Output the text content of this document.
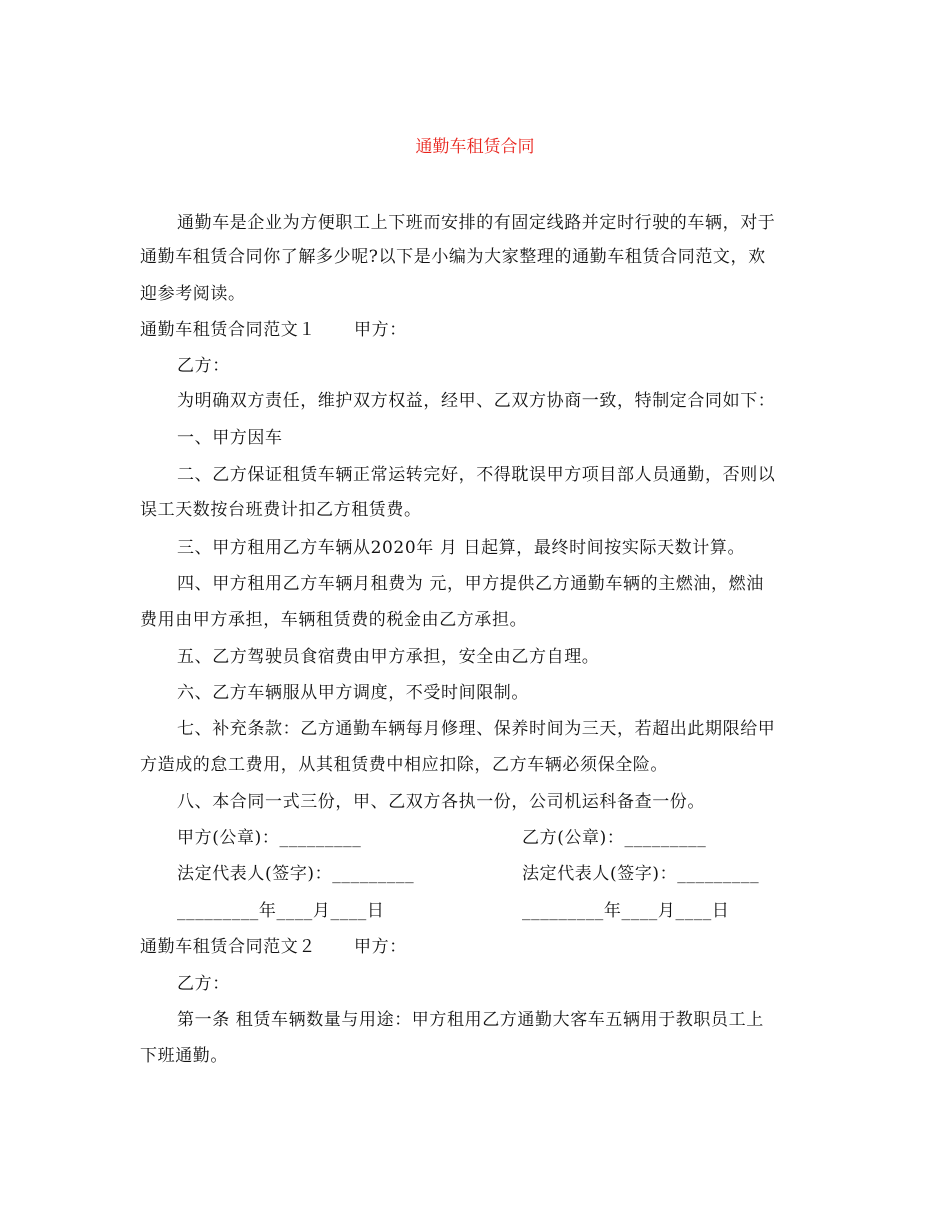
通勤车租赁合同
通勤车是企业为方便职工上下班而安排的有固定线路并定时行驶的车辆，对于
通勤车租赁合同你了解多少呢?以下是小编为大家整理的通勤车租赁合同范文，欢
迎参考阅读。
通勤车租赁合同范文１ 甲方：
乙方：
为明确双方责任，维护双方权益，经甲、乙双方协商一致，特制定合同如下：
一、甲方因车
二、乙方保证租赁车辆正常运转完好，不得耽误甲方项目部人员通勤，否则以
误工天数按台班费计扣乙方租赁费。
三、甲方租用乙方车辆从2020年 月 日起算，最终时间按实际天数计算。
四、甲方租用乙方车辆月租费为 元，甲方提供乙方通勤车辆的主燃油，燃油
费用由甲方承担，车辆租赁费的税金由乙方承担。
五、乙方驾驶员食宿费由甲方承担，安全由乙方自理。
六、乙方车辆服从甲方调度，不受时间限制。
七、补充条款：乙方通勤车辆每月修理、保养时间为三天，若超出此期限给甲
方造成的怠工费用，从其租赁费中相应扣除，乙方车辆必须保全险。
八、本合同一式三份，甲、乙双方各执一份，公司机运科备查一份。
甲方(公章)：_________	乙方(公章)：_________
法定代表人(签字)：_________	法定代表人(签字)：_________
_________年____月____日	_________年____月____日
通勤车租赁合同范文２ 甲方：
乙方：
第一条 租赁车辆数量与用途：甲方租用乙方通勤大客车五辆用于教职员工上
下班通勤。
